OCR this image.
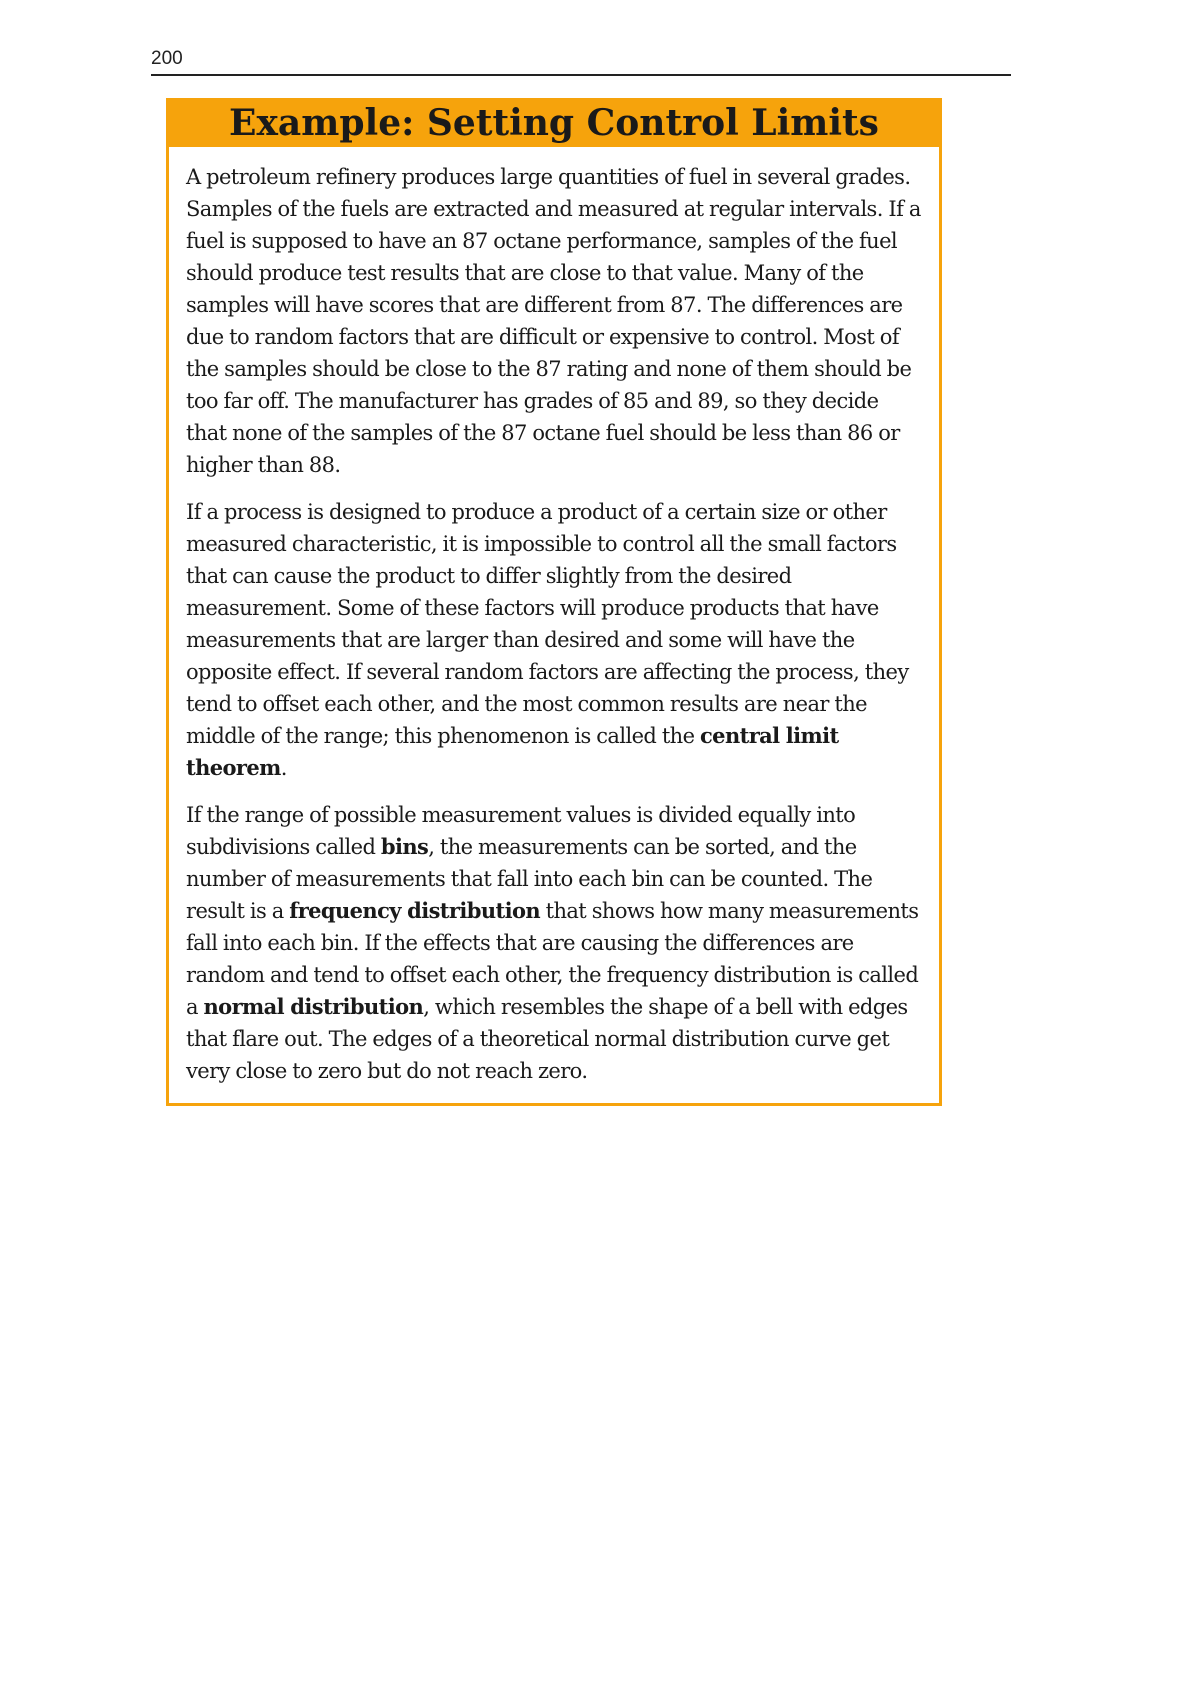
200
Example: Setting Control Limits

A petroleum refinery produces large quantities of fuel in several grades. Samples of the fuels are extracted and measured at regular intervals. If a fuel is supposed to have an 87 octane performance, samples of the fuel should produce test results that are close to that value. Many of the samples will have scores that are different from 87. The differences are due to random factors that are difficult or expensive to control. Most of the samples should be close to the 87 rating and none of them should be too far off. The manufacturer has grades of 85 and 89, so they decide that none of the samples of the 87 octane fuel should be less than 86 or higher than 88.

If a process is designed to produce a product of a certain size or other measured characteristic, it is impossible to control all the small factors that can cause the product to differ slightly from the desired measurement. Some of these factors will produce products that have measurements that are larger than desired and some will have the opposite effect. If several random factors are affecting the process, they tend to offset each other, and the most common results are near the middle of the range; this phenomenon is called the central limit theorem.

If the range of possible measurement values is divided equally into subdivisions called bins, the measurements can be sorted, and the number of measurements that fall into each bin can be counted. The result is a frequency distribution that shows how many measurements fall into each bin. If the effects that are causing the differences are random and tend to offset each other, the frequency distribution is called a normal distribution, which resembles the shape of a bell with edges that flare out. The edges of a theoretical normal distribution curve get very close to zero but do not reach zero.
